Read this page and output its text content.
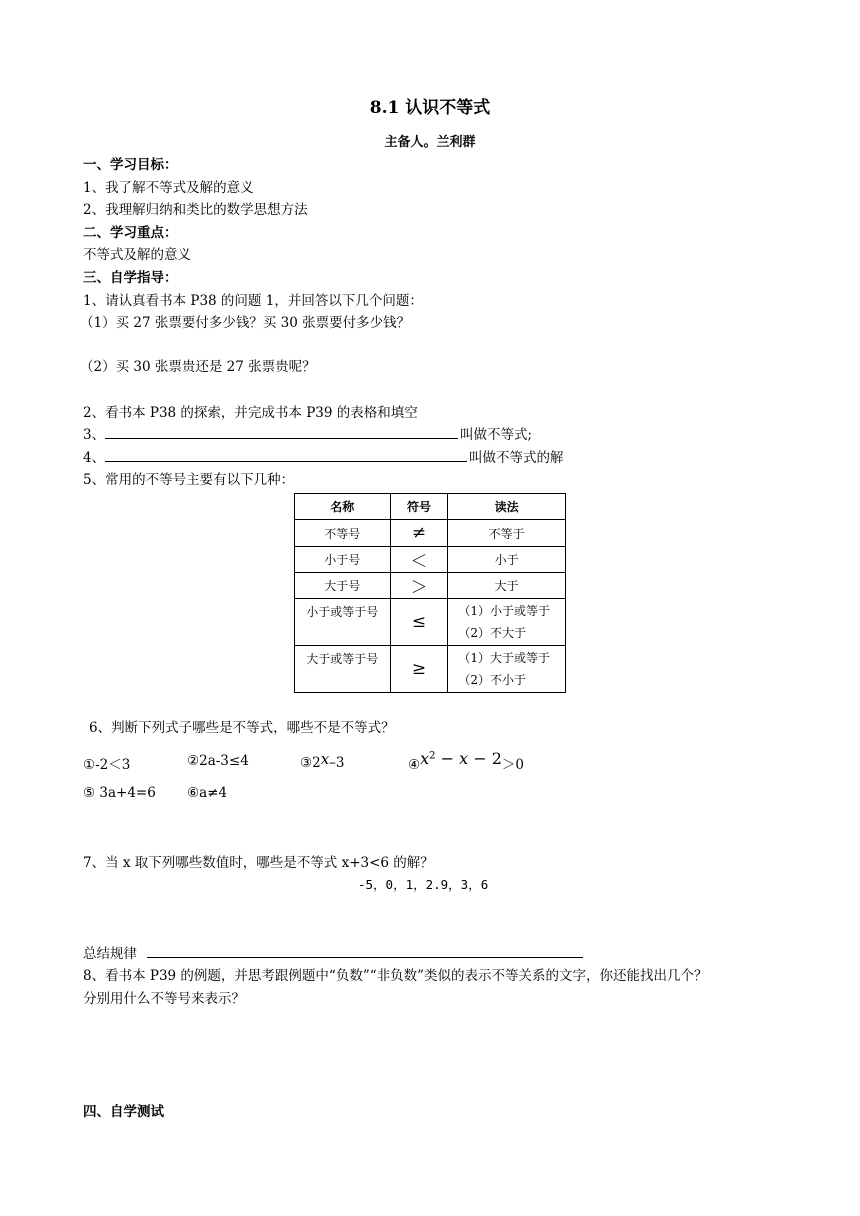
8.1 认识不等式
主备人。兰利群
一、学习目标：
1、我了解不等式及解的意义
2、我理解归纳和类比的数学思想方法
二、学习重点：
不等式及解的意义
三、自学指导：
1、请认真看书本 P38 的问题 1，并回答以下几个问题：
（1）买 27 张票要付多少钱？买 30 张票要付多少钱？
（2）买 30 张票贵还是 27 张票贵呢？
2、看书本 P38 的探索，并完成书本 P39 的表格和填空
3、	叫做不等式;
4、	叫做不等式的解
5、常用的不等号主要有以下几种：
名称	符号	读法
不等号	≠	不等于
小于号	＜	小于
大于号	＞	大于
小于或等于号	≤	（1）小于或等于
（2）不大于

大于或等于号	≥	（1）大于或等于
（2）不小于
6、判断下列式子哪些是不等式，哪些不是不等式？
①-2＜3	②2a-3≤4	③2x–3	$④x^2 - x - 2>0$
⑤ 3a+4=6 ⑥a≠4
7、当 x 取下列哪些数值时，哪些是不等式 x+3<6 的解？
-5，0，1，2.9，3，6
总结规律
8、看书本 P39 的例题，并思考跟例题中“负数”“非负数”类似的表示不等关系的文字，你还能找出几个？
分别用什么不等号来表示？
四、自学测试
